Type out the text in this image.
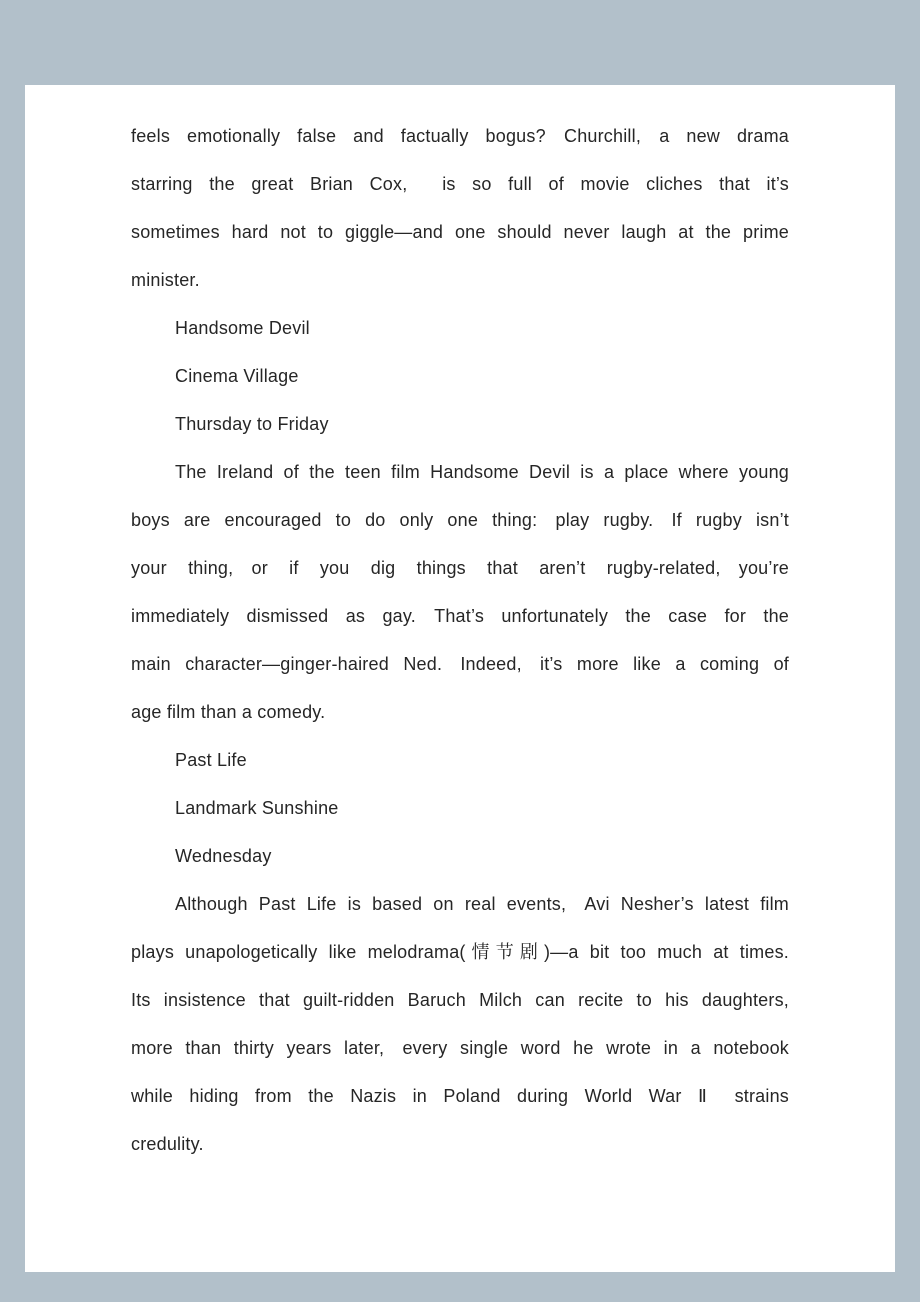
feels emotionally false and factually bogus? Churchill, a new drama
starring the great Brian Cox,  is so full of movie cliches that it’s
sometimes hard not to giggle—and one should never laugh at the prime
minister.
Handsome Devil
Cinema Village
Thursday to Friday
The Ireland of the teen film Handsome Devil is a place where young
boys are encouraged to do only one thing: play rugby. If rugby isn’t
your thing, or if you dig things that aren’t rugby-related, you’re
immediately dismissed as gay. That’s unfortunately the case for the
main character—ginger-haired Ned. Indeed, it’s more like a coming of
age film than a comedy.
Past Life
Landmark Sunshine
Wednesday
Although Past Life is based on real events, Avi Nesher’s latest film
plays unapologetically like melodrama(情节剧)—a bit too much at times.
Its insistence that guilt-ridden Baruch Milch can recite to his daughters,
more than thirty years later, every single word he wrote in a notebook
while hiding from the Nazis in Poland during World War Ⅱ strains
credulity.
